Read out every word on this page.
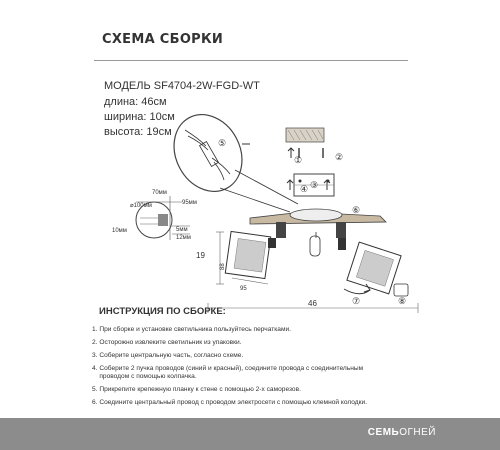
СХЕМА СБОРКИ
МОДЕЛЬ SF4704-2W-FGD-WT
длина: 46см
ширина: 10см
высота: 19см
⌀100мм
70мм
95мм
10мм	5мм
12мм
19
46
88
95
①	②
③
④
⑤
⑥
⑦	⑧
ИНСТРУКЦИЯ ПО СБОРКЕ:
1. При сборке и установке светильника пользуйтесь перчатками.
2. Осторожно извлеките светильник из упаковки.
3. Соберите центральную часть, согласно схеме.
4. Соберите 2 пучка проводов (синий и красный), соедините провода с соединительным
проводом с помощью колпачка.
5. Прикрепите крепежную планку к стене с помощью 2-х саморезов.
6. Соедините центральный провод с проводом электросети с помощью клемной колодки.
СЕМЬОГНЕЙ
